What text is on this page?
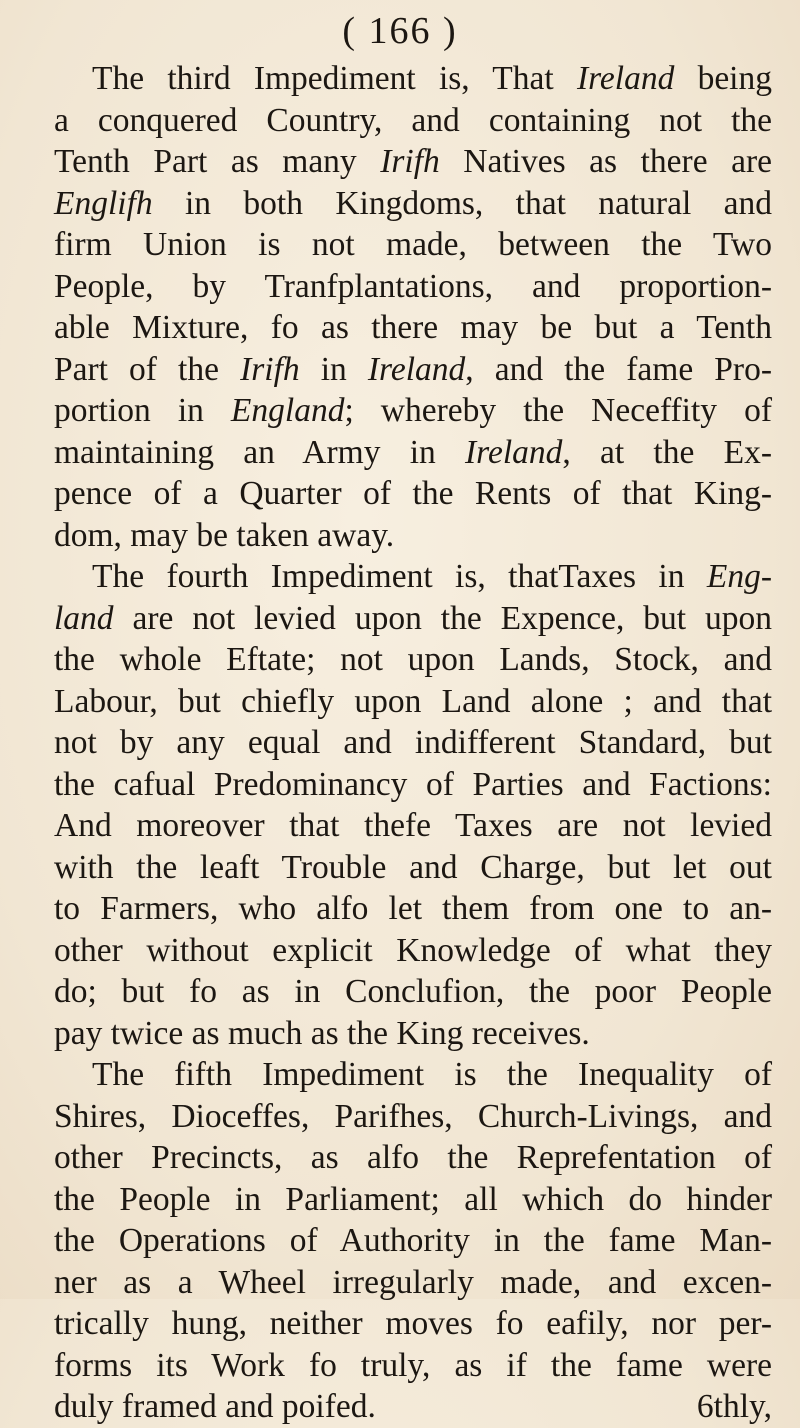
( 166 )
The third Impediment is, That Ireland being
a conquered Country, and containing not the
Tenth Part as many Irifh Natives as there are
Englifh in both Kingdoms, that natural and
firm Union is not made, between the Two
People, by Tranfplantations, and proportion-
able Mixture, fo as there may be but a Tenth
Part of the Irifh in Ireland, and the fame Pro-
portion in England; whereby the Neceffity of
maintaining an Army in Ireland, at the Ex-
pence of a Quarter of the Rents of that King-
dom, may be taken away.
The fourth Impediment is, thatTaxes in Eng-
land are not levied upon the Expence, but upon
the whole Eftate; not upon Lands, Stock, and
Labour, but chiefly upon Land alone ; and that
not by any equal and indifferent Standard, but
the cafual Predominancy of Parties and Factions:
And moreover that thefe Taxes are not levied
with the leaft Trouble and Charge, but let out
to Farmers, who alfo let them from one to an-
other without explicit Knowledge of what they
do; but fo as in Conclufion, the poor People
pay twice as much as the King receives.
The fifth Impediment is the Inequality of
Shires, Dioceffes, Parifhes, Church-Livings, and
other Precincts, as alfo the Reprefentation of
the People in Parliament; all which do hinder
the Operations of Authority in the fame Man-
ner as a Wheel irregularly made, and excen-
trically hung, neither moves fo eafily, nor per-
forms its Work fo truly, as if the fame were
duly framed and poifed.	6thly,
